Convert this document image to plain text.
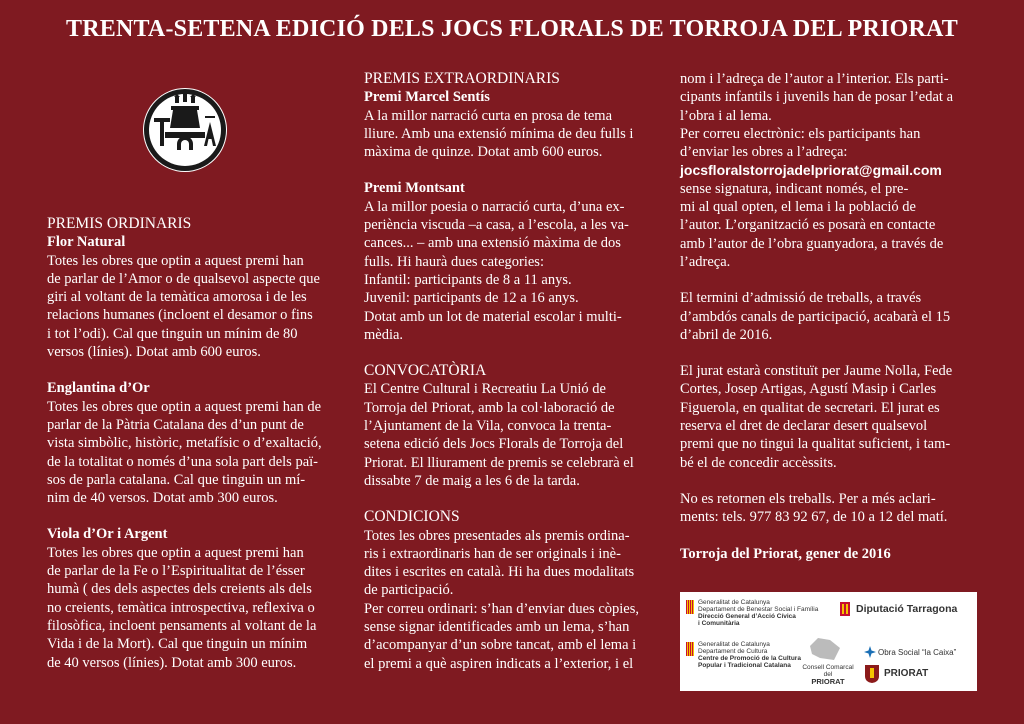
TRENTA-SETENA EDICIÓ DELS JOCS FLORALS DE TORROJA DEL PRIORAT

PREMIS ORDINARIS

Flor Natural

Totes les obres que optin a aquest premi han

de parlar de l’Amor o de qualsevol aspecte que

giri al voltant de la temàtica amorosa i de les

relacions humanes (incloent el desamor o fins

i tot l’odi). Cal que tinguin un mínim de 80

versos (línies). Dotat amb 600 euros.

Englantina d’Or

Totes les obres que optin a aquest premi han de

parlar de la Pàtria Catalana des d’un punt de

vista simbòlic, històric, metafísic o d’exaltació,

de la totalitat o només d’una sola part dels paï-

sos de parla catalana. Cal que tinguin un mí-

nim de 40 versos. Dotat amb 300 euros.

Viola d’Or i Argent

Totes les obres que optin a aquest premi han

de parlar de la Fe o l’Espiritualitat de l’ésser

humà ( des dels aspectes dels creients als dels

no creients, temàtica introspectiva, reflexiva o

filosòfica, incloent pensaments al voltant de la

Vida i de la Mort). Cal que tinguin un mínim

de 40 versos (línies). Dotat amb 300 euros.

PREMIS EXTRAORDINARIS

Premi Marcel Sentís

A la millor narració curta en prosa de tema

lliure. Amb una extensió mínima de deu fulls i

màxima de quinze. Dotat amb 600 euros.

Premi Montsant

A la millor poesia o narració curta, d’una ex-

periència viscuda –a casa, a l’escola, a les va-

cances... – amb una extensió màxima de dos

fulls. Hi haurà dues categories:

Infantil: participants de 8 a 11 anys.

Juvenil: participants de 12 a 16 anys.

Dotat amb un lot de material escolar i multi-

mèdia.

CONVOCATÒRIA

El Centre Cultural i Recreatiu La Unió de

Torroja del Priorat, amb la col·laboració de

l’Ajuntament de la Vila, convoca la trenta-

setena edició dels Jocs Florals de Torroja del

Priorat. El lliurament de premis se celebrarà el

dissabte 7 de maig a les 6 de la tarda.

CONDICIONS

Totes les obres presentades als premis ordina-

ris i extraordinaris han de ser originals i inè-

dites i escrites en català. Hi ha dues modalitats

de participació.

Per correu ordinari: s’han d’enviar dues còpies,

sense signar identificades amb un lema, s’han

d’acompanyar d’un sobre tancat, amb el lema i

el premi a què aspiren indicats a l’exterior, i el

nom i l’adreça de l’autor a l’interior. Els parti-

cipants infantils i juvenils han de posar l’edat a

l’obra i al lema.

Per correu electrònic: els participants han

d’enviar les obres a l’adreça:

jocsfloralstorrojadelpriorat@gmail.com

sense signatura, indicant només, el pre-

mi al qual opten, el lema i la població de

l’autor. L’organització es posarà en contacte

amb l’autor de l’obra guanyadora, a través de

l’adreça.

El termini d’admissió de treballs, a través

d’ambdós canals de participació, acabarà el 15

d’abril de 2016.

El jurat estarà constituït per Jaume Nolla, Fede

Cortes, Josep Artigas, Agustí Masip i Carles

Figuerola, en qualitat de secretari. El jurat es

reserva el dret de declarar desert qualsevol

premi que no tingui la qualitat suficient, i tam-

bé el de concedir accèssits.

No es retornen els treballs. Per a més aclari-

ments: tels. 977 83 92 67, de 10 a 12 del matí.

Torroja del Priorat, gener de 2016

Generalitat de Catalunya
Departament de Benestar Social i Família
Direcció General d’Acció Cívica
i Comunitària
Diputació Tarragona
Generalitat de Catalunya
Departament de Cultura
Centre de Promoció de la Cultura
Popular i Tradicional Catalana	Consell Comarcal del
PRIORAT
Obra Social “la Caixa”
PRIORAT
